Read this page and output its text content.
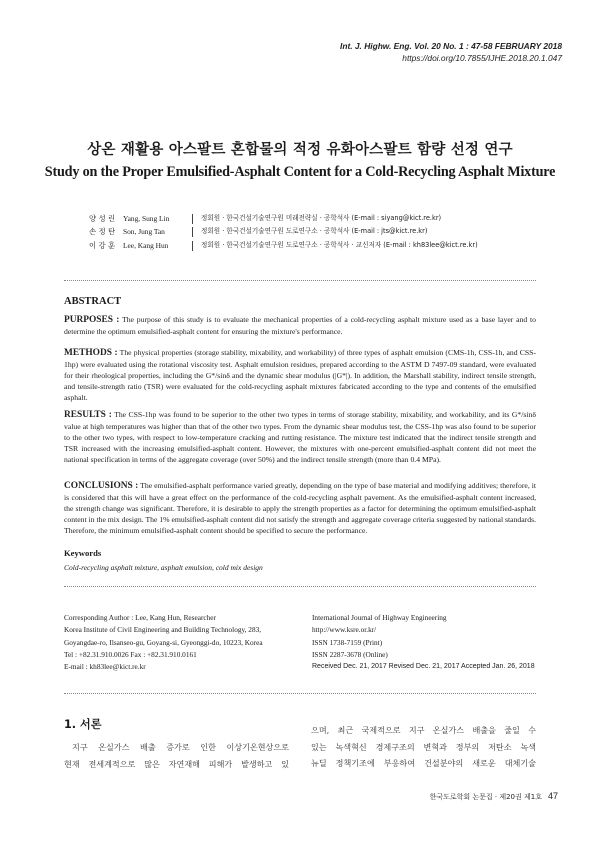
Int. J. Highw. Eng. Vol. 20 No. 1 : 47-58 FEBRUARY 2018
https://doi.org/10.7855/IJHE.2018.20.1.047
상온 재활용 아스팔트 혼합물의 적정 유화아스팔트 함량 선정 연구
Study on the Proper Emulsified-Asphalt Content for a Cold-Recycling Asphalt Mixture
양 성 린	Yang, Sung Lin	정회원 · 한국건설기술연구원 미래전략실 · 공학석사 (E-mail : siyang@kict.re.kr)
손 정 탄	Son, Jung Tan	정회원 · 한국건설기술연구원 도로연구소 · 공학석사 (E-mail : jts@kict.re.kr)
이 강 훈	Lee, Kang Hun	정회원 · 한국건설기술연구원 도로연구소 · 공학석사 · 교신저자 (E-mail : kh83lee@kict.re.kr)
ABSTRACT
PURPOSES : The purpose of this study is to evaluate the mechanical properties of a cold-recycling asphalt mixture used as a base layer and to determine the optimum emulsified-asphalt content for ensuring the mixture's performance.
METHODS : The physical properties (storage stability, mixability, and workability) of three types of asphalt emulsion (CMS-1h, CSS-1h, and CSS-1hp) were evaluated using the rotational viscosity test. Asphalt emulsion residues, prepared according to the ASTM D 7497-09 standard, were evaluated for their rheological properties, including the G*/sinδ and the dynamic shear modulus (|G*|). In addition, the Marshall stability, indirect tensile strength, and tensile-strength ratio (TSR) were evaluated for the cold-recycling asphalt mixtures fabricated according to the type and contents of the emulsified asphalt.
RESULTS : The CSS-1hp was found to be superior to the other two types in terms of storage stability, mixability, and workability, and its G*/sinδ value at high temperatures was higher than that of the other two types. From the dynamic shear modulus test, the CSS-1hp was also found to be superior to the other two types, with respect to low-temperature cracking and rutting resistance. The mixture test indicated that the indirect tensile strength and TSR increased with the increasing emulsified-asphalt content. However, the mixtures with one-percent emulsified-asphalt content did not meet the national specification in terms of the aggregate coverage (over 50%) and the indirect tensile strength (more than 0.4 MPa).
CONCLUSIONS : The emulsified-asphalt performance varied greatly, depending on the type of base material and modifying additives; therefore, it is considered that this will have a great effect on the performance of the cold-recycling asphalt pavement. As the emulsified-asphalt content increased, the strength change was significant. Therefore, it is desirable to apply the strength properties as a factor for determining the optimum emulsified-asphalt content in the mix design. The 1% emulsified-asphalt content did not satisfy the strength and aggregate coverage criteria suggested by national standards. Therefore, the minimum emulsified-asphalt content should be specified to secure the performance.
Keywords
Cold-recycling asphalt mixture, asphalt emulsion, cold mix design
Corresponding Author : Lee, Kang Hun, Researcher
Korea Institute of Civil Engineering and Building Technology, 283,
Goyangdae-ro, Ilsanseo-gu, Goyang-si, Gyeonggi-do, 10223, Korea
Tel : +82.31.910.0026 Fax : +82.31.910.0161
E-mail : kh83lee@kict.re.kr
International Journal of Highway Engineering
http://www.ksre.or.kr/
ISSN 1738-7159 (Print)
ISSN 2287-3678 (Online)
Received Dec. 21, 2017 Revised Dec. 21, 2017 Accepted Jan. 26, 2018
1. 서론
지구 온실가스 배출 증가로 인한 이상기온현상으로
현재 전세계적으로 많은 자연재해 피해가 발생하고 있
으며, 최근 국제적으로 지구 온실가스 배출을 줄일 수
있는 녹색혁신 경제구조의 변혁과 정부의 저탄소 녹색
뉴딜 정책기조에 부응하여 건설분야의 새로운 대체기술
한국도로학회 논문집 · 제20권 제1호 47
